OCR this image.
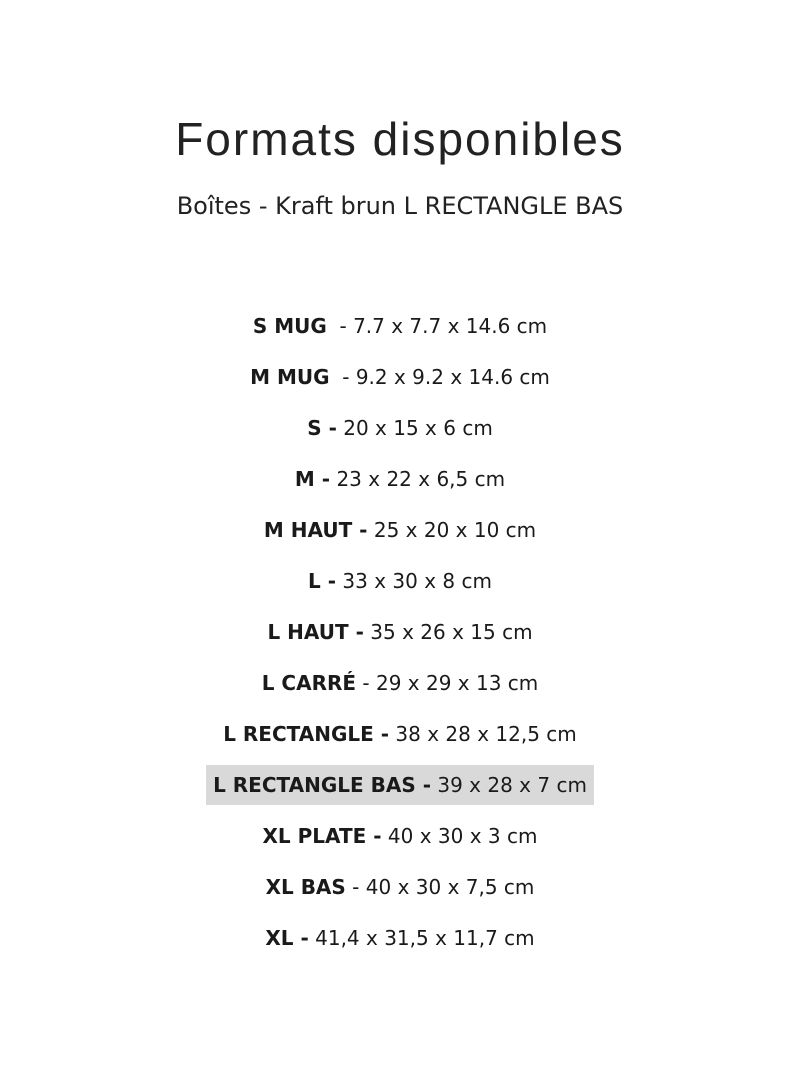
Formats disponibles

Boîtes - Kraft brun L RECTANGLE BAS

S MUG - 7.7 x 7.7 x 14.6 cm
M MUG - 9.2 x 9.2 x 14.6 cm
S -
20 x 15 x 6 cm
M -
23 x 22 x 6,5 cm
M HAUT -
25 x 20 x 10 cm
L -
33 x 30 x 8 cm
L HAUT -
35 x 26 x 15 cm
L CARRÉ - 29 x 29 x 13 cm
L RECTANGLE -
38 x 28 x 12,5 cm
L RECTANGLE BAS -
39 x 28 x 7 cm
XL PLATE -
40 x 30 x 3 cm
XL BAS - 40 x 30 x 7,5 cm
XL -
41,4 x 31,5 x 11,7 cm
